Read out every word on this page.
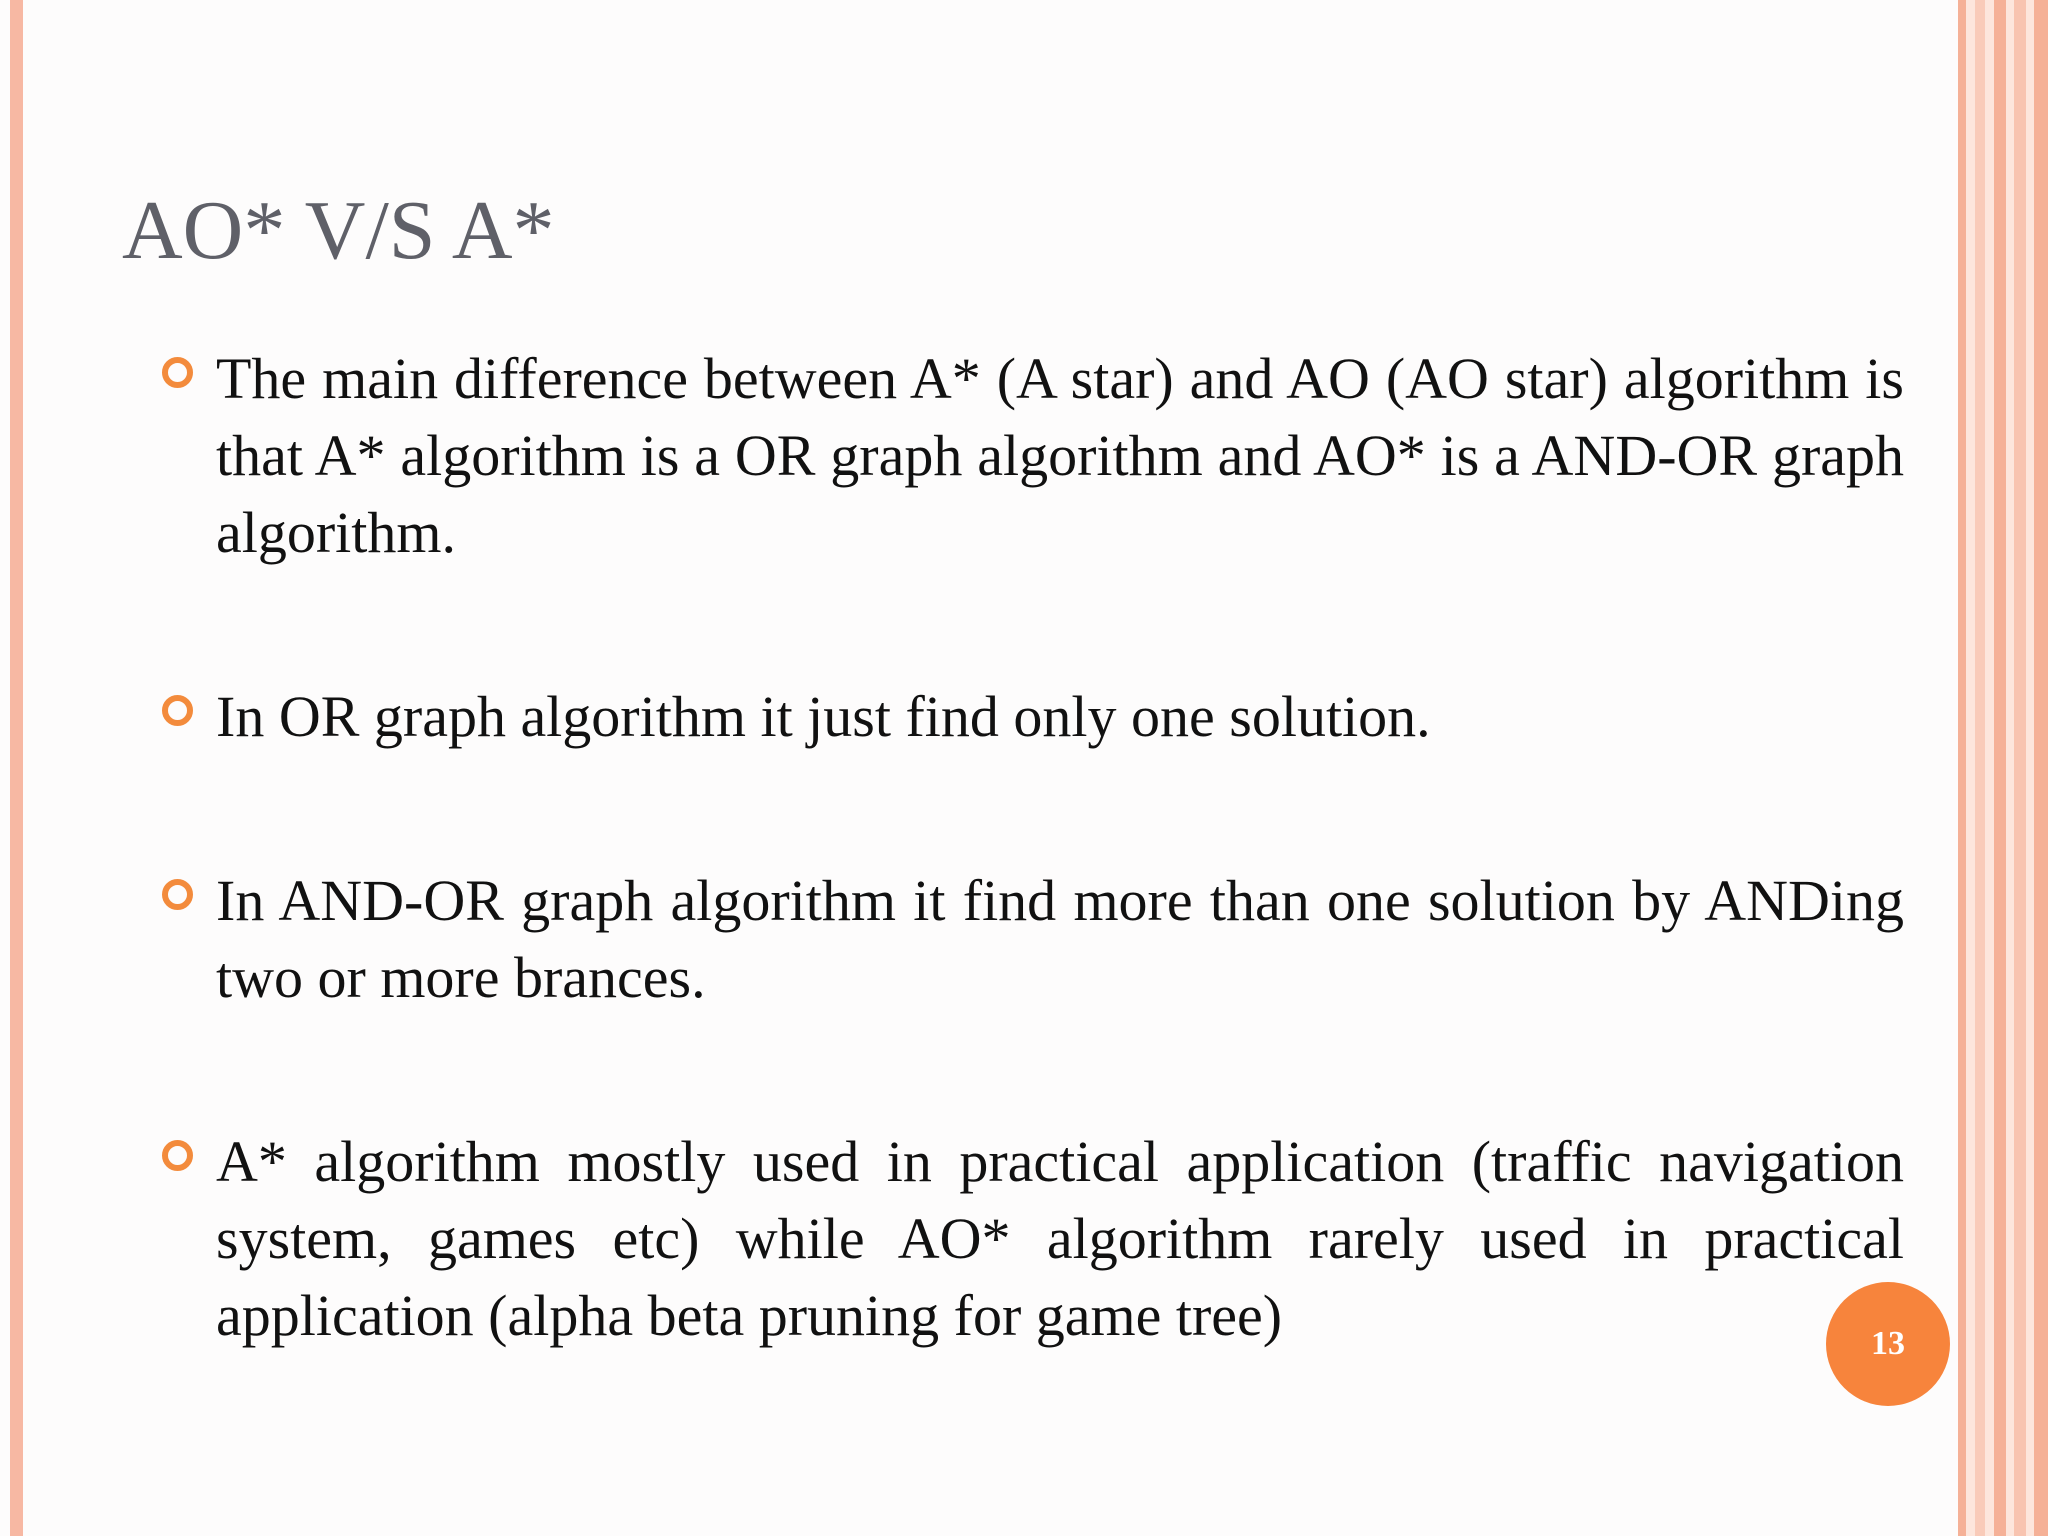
AO* V/S A*
The main difference between A* (A star) and AO (AO star) algorithm is that A* algorithm is a OR graph algorithm and AO* is a AND-OR graph algorithm.
In OR graph algorithm it just find only one solution.
In AND-OR graph algorithm it find more than one solution by ANDing two or more brances.
A* algorithm mostly used in practical application (traffic navigation system, games etc) while AO* algorithm rarely used in practical application (alpha beta pruning for game tree)	13
